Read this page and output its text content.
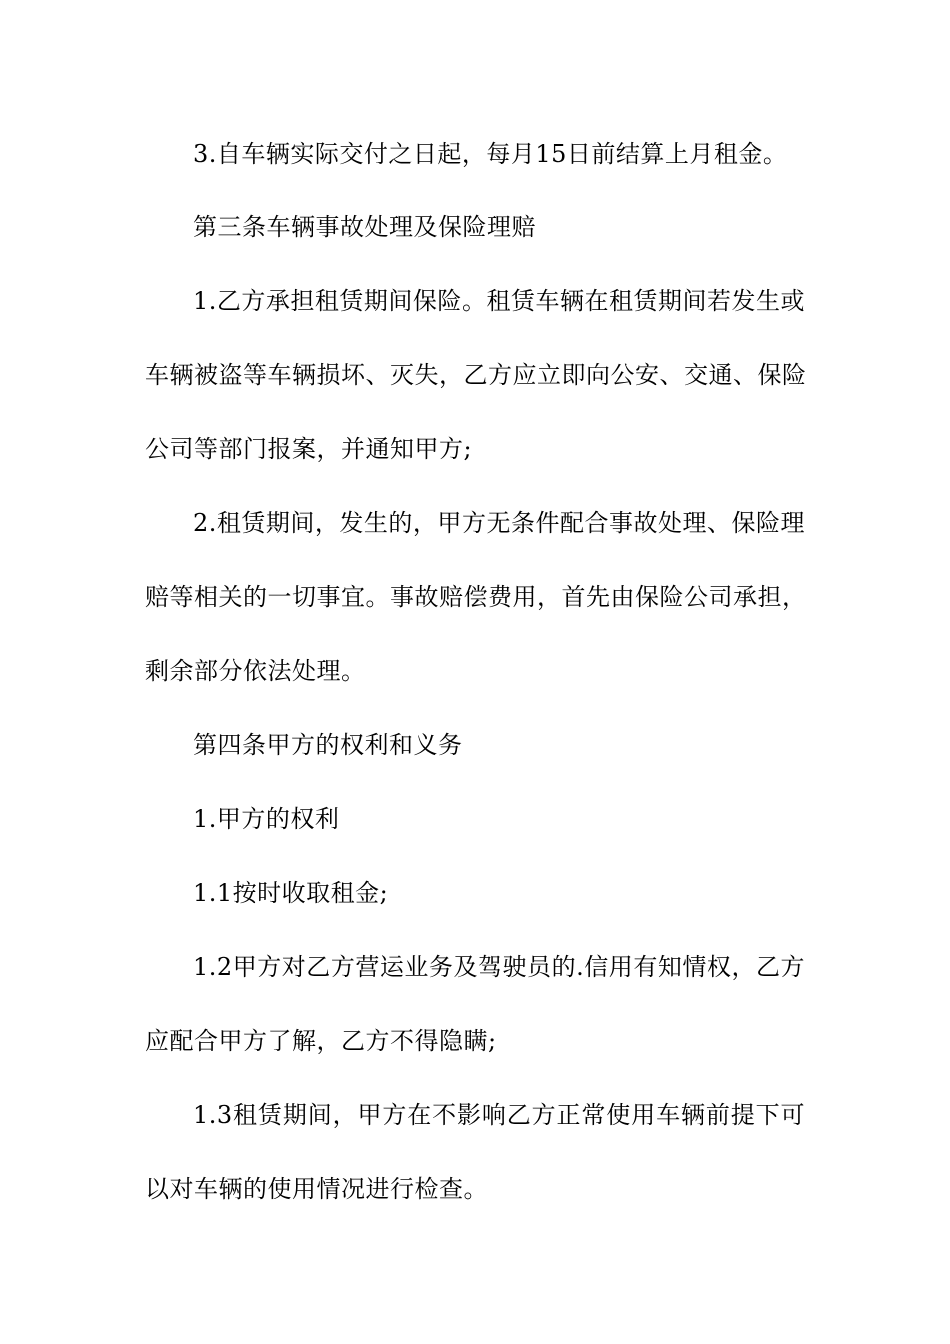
3.自车辆实际交付之日起，每月15日前结算上月租金。
第三条车辆事故处理及保险理赔
1.乙方承担租赁期间保险。租赁车辆在租赁期间若发生或
车辆被盗等车辆损坏、灭失，乙方应立即向公安、交通、保险
公司等部门报案，并通知甲方;
2.租赁期间，发生的，甲方无条件配合事故处理、保险理
赔等相关的一切事宜。事故赔偿费用，首先由保险公司承担，
剩余部分依法处理。
第四条甲方的权利和义务
1.甲方的权利
1.1按时收取租金;
1.2甲方对乙方营运业务及驾驶员的.信用有知情权，乙方
应配合甲方了解，乙方不得隐瞒;
1.3租赁期间，甲方在不影响乙方正常使用车辆前提下可
以对车辆的使用情况进行检查。
